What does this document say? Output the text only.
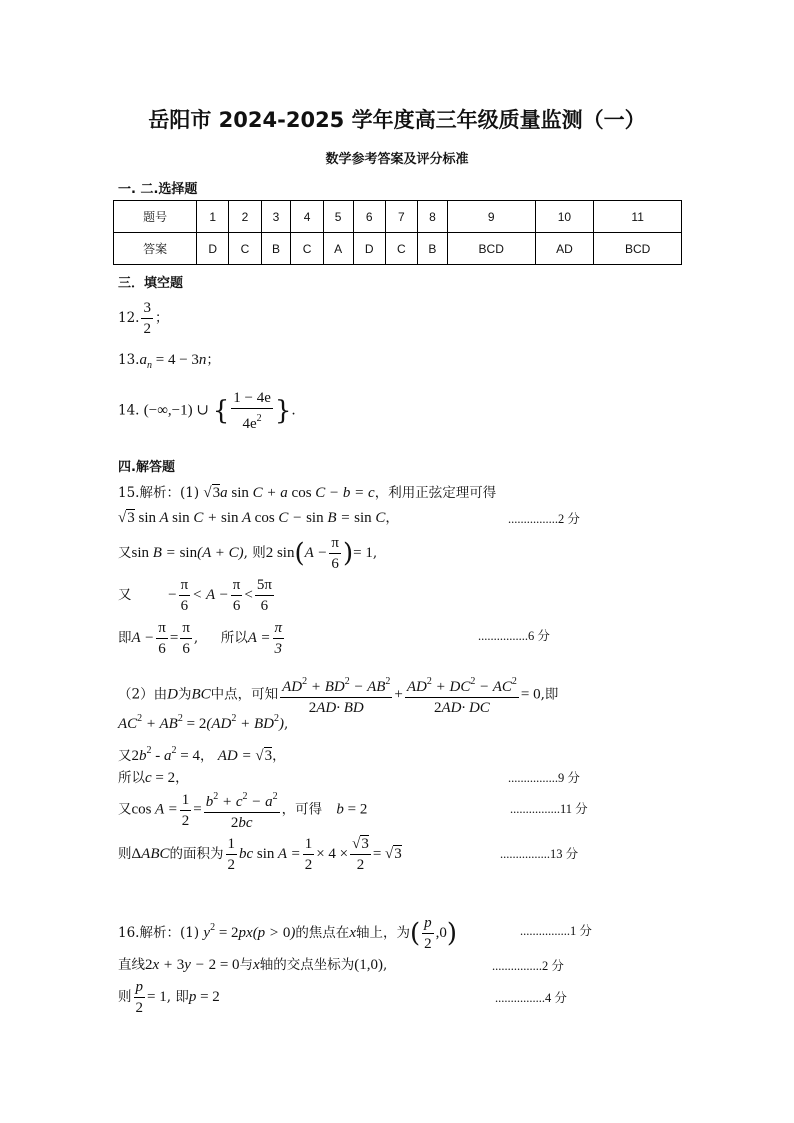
岳阳市 2024-2025 学年度高三年级质量监测（一）
数学参考答案及评分标准
一. 二.选择题
题号	1	2	3	4	5	6	7	8	9	10	11
答案	D	C	B	C	A	D	C	B	BCD	AD	BCD
三．填空题
12. $\frac{3}{2}$ ；
$13.a_n = 4 - 3n$；
14. (−∞,−1) ∪ { $\frac{1 - 4e}{4e^2}$ }.
四.解答题
15.解析：(1) √3a sin C + a cos C − b = c，利用正弦定理可得
√3 sin A sin C + sin A cos C − sin B = sin C，	................2 分
又sin B = sin(A + C), 则2 $\sin(A - \frac{\pi}{6}$ )= 1,
又 − $\frac{\pi}{6} < A - \frac{\pi}{6} < \frac{5\pi}{6}$
即$A - \frac{\pi}{6} = \frac{\pi}{6}$ ,  所以$A = \frac{\pi}{3}$	................6 分
（2）由D为BC中点，可知 $\frac{AD^2 + BD^2 - AB^2}{2AD\cdot BD} + \frac{AD^2 + DC^2 - AC^2}{2AD\cdot DC} = 0$,即
$AC^2 + AB^2 = 2(AD^2 + BD^2)$,
又$2b^2 - a^2 = 4$， AD = √3，
所以c = 2，	................9 分
又$\cos A = \frac{1}{2} = \frac{b^2 + c^2 - a^2}{2bc}$ ，可得 b = 2	................11 分
则ΔABC的面积为 $\frac{1}{2}$ bc $\sin A = \frac{1}{2} \times 4 \times \frac{√3}{2} = √3$	................13 分
16.解析：(1) $y^2 = 2px(p > 0)$的焦点在x轴上，为( $\frac{p}{2} ,0$)	................1 分
直线2x + 3y − 2 = 0与x轴的交点坐标为(1,0),	................2 分
则 $\frac{p}{2} = 1$, 即p = 2	................4 分
